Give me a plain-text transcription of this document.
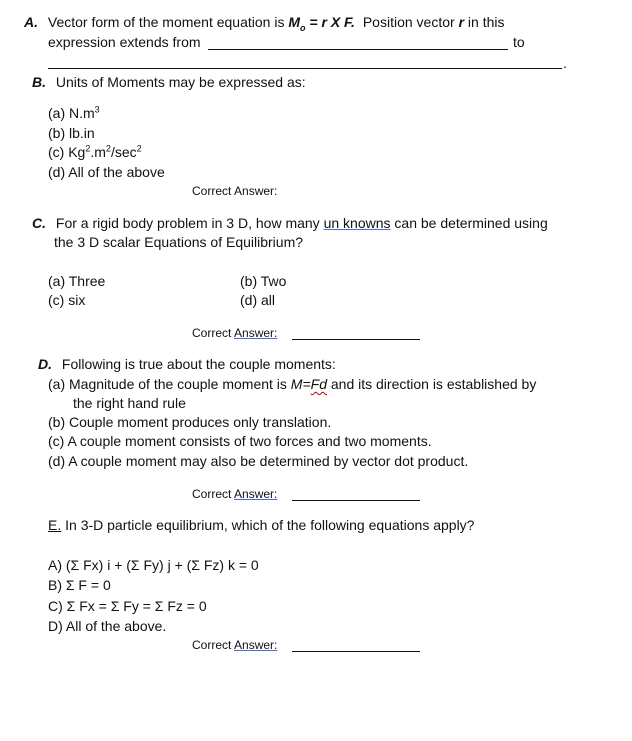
A. Vector form of the moment equation is $M_o = r$ X F. Position vector r in this
expression extends from	to
.
B. Units of Moments may be expressed as:
(a) $N.m^3$
(b) lb.in
(c) $Kg^2.m^2/\sec^2$
(d) All of the above
Correct Answer:
C. For a rigid body problem in 3 D, how many un knowns can be determined using
the 3 D scalar Equations of Equilibrium?
(a) Three	(b) Two
(c) six	(d) all
Correct Answer:
D. Following is true about the couple moments:
(a) Magnitude of the couple moment is M=Fd and its direction is established by
the right hand rule
(b) Couple moment produces only translation.
(c) A couple moment consists of two forces and two moments.
(d) A couple moment may also be determined by vector dot product.
Correct Answer:
E. In 3-D particle equilibrium, which of the following equations apply?
A) (Σ Fx) i + (Σ Fy) j + (Σ Fz) k = 0
B) Σ F = 0
C) Σ Fx = Σ Fy = Σ Fz = 0
D) All of the above.
Correct Answer:
